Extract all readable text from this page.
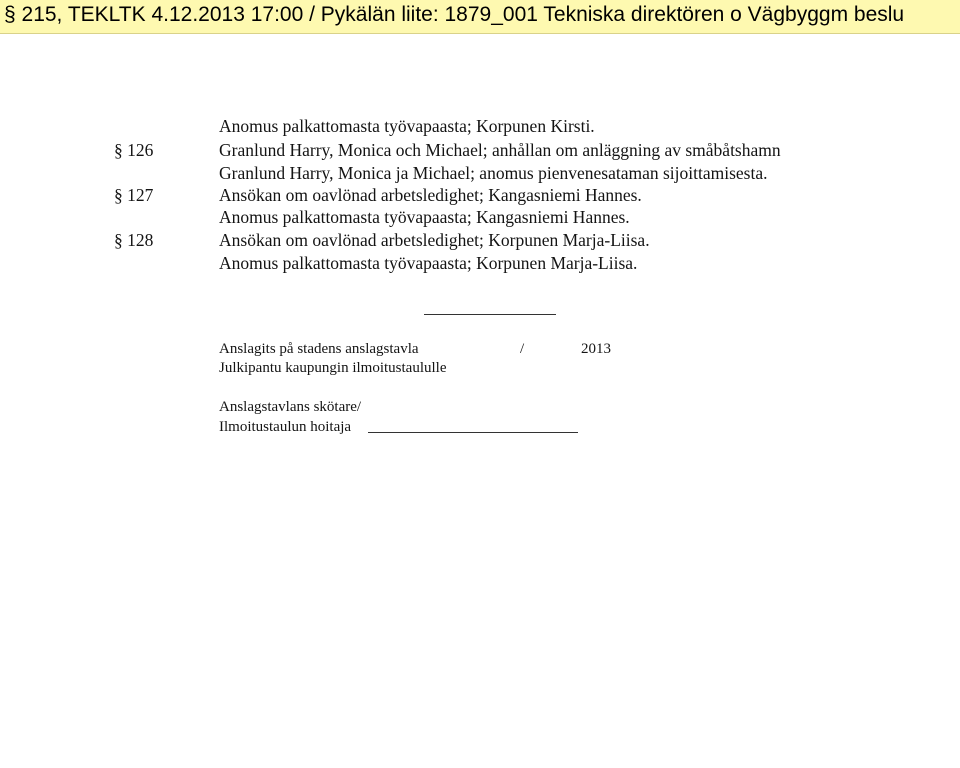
§ 215, TEKLTK 4.12.2013 17:00 / Pykälän liite: 1879_001 Tekniska direktören o Vägbyggm beslu
Anomus palkattomasta työvapaasta; Korpunen Kirsti.
§ 126	Granlund Harry, Monica och Michael; anhållan om anläggning av småbåtshamn
Granlund Harry, Monica ja Michael; anomus pienvenesataman sijoittamisesta.
§ 127	Ansökan om oavlönad arbetsledighet; Kangasniemi Hannes.
Anomus palkattomasta työvapaasta; Kangasniemi Hannes.
§ 128	Ansökan om oavlönad arbetsledighet; Korpunen Marja-Liisa.
Anomus palkattomasta työvapaasta; Korpunen Marja-Liisa.
Anslagits på stadens anslagstavla	/	2013
Julkipantu kaupungin ilmoitustaululle
Anslagstavlans skötare/
Ilmoitustaulun hoitaja
